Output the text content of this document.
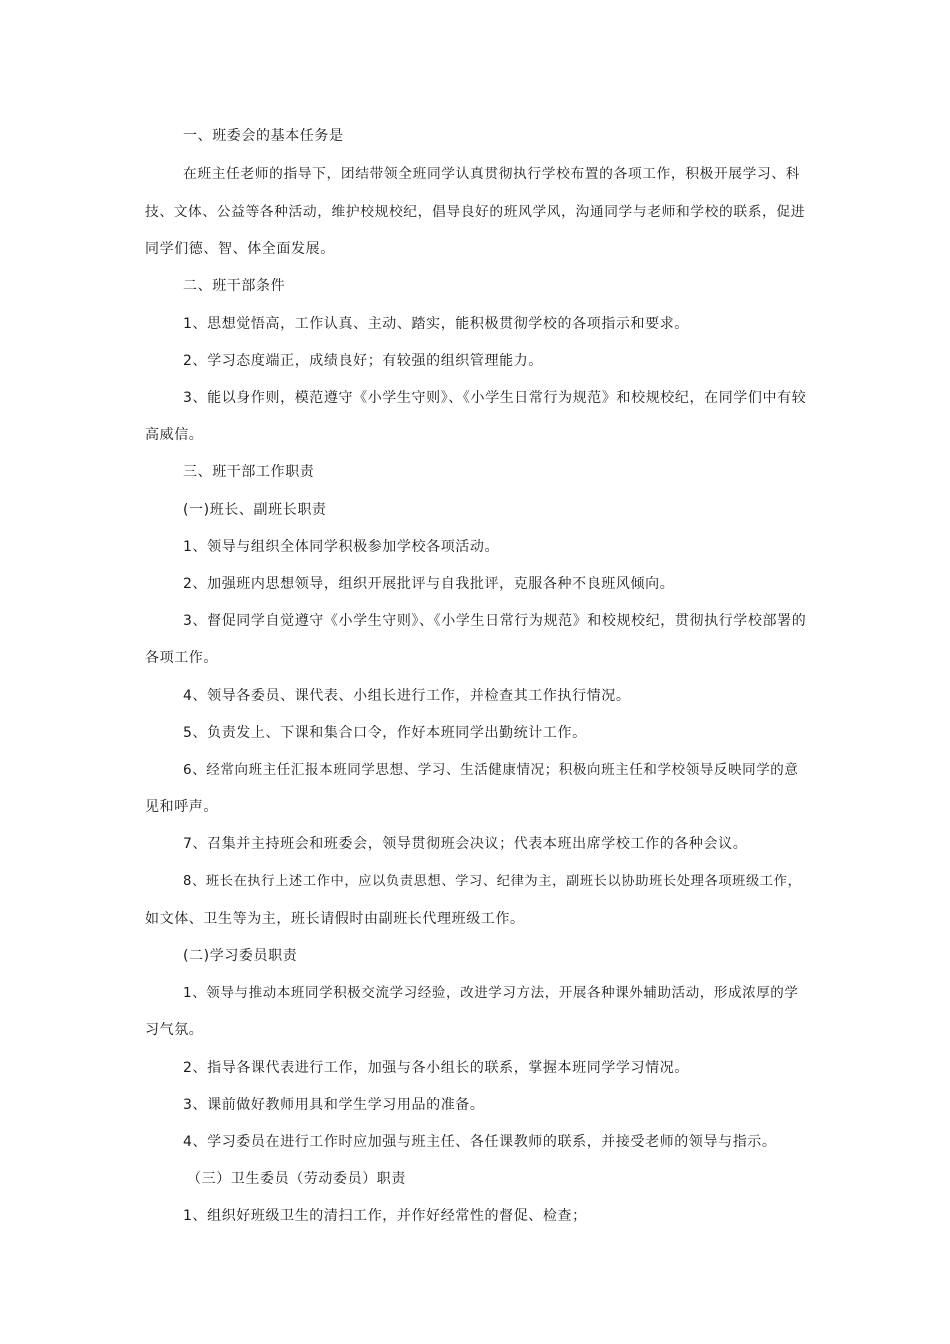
一、班委会的基本任务是

在班主任老师的指导下，团结带领全班同学认真贯彻执行学校布置的各项工作，积极开展学习、科

技、文体、公益等各种活动，维护校规校纪，倡导良好的班风学风，沟通同学与老师和学校的联系，促进

同学们德、智、体全面发展。

二、班干部条件

1、思想觉悟高，工作认真、主动、踏实，能积极贯彻学校的各项指示和要求。

2、学习态度端正，成绩良好；有较强的组织管理能力。

3、能以身作则，模范遵守《小学生守则》、《小学生日常行为规范》和校规校纪，在同学们中有较

高威信。

三、班干部工作职责

(一)班长、副班长职责

1、领导与组织全体同学积极参加学校各项活动。

2、加强班内思想领导，组织开展批评与自我批评，克服各种不良班风倾向。

3、督促同学自觉遵守《小学生守则》、《小学生日常行为规范》和校规校纪，贯彻执行学校部署的

各项工作。

4、领导各委员、课代表、小组长进行工作，并检查其工作执行情况。

5、负责发上、下课和集合口令，作好本班同学出勤统计工作。

6、经常向班主任汇报本班同学思想、学习、生活健康情况；积极向班主任和学校领导反映同学的意

见和呼声。

7、召集并主持班会和班委会，领导贯彻班会决议；代表本班出席学校工作的各种会议。

8、班长在执行上述工作中，应以负责思想、学习、纪律为主，副班长以协助班长处理各项班级工作，

如文体、卫生等为主，班长请假时由副班长代理班级工作。

(二)学习委员职责

1、领导与推动本班同学积极交流学习经验，改进学习方法，开展各种课外辅助活动，形成浓厚的学

习气氛。

2、指导各课代表进行工作，加强与各小组长的联系，掌握本班同学学习情况。

3、课前做好教师用具和学生学习用品的准备。

4、学习委员在进行工作时应加强与班主任、各任课教师的联系，并接受老师的领导与指示。

（三）卫生委员（劳动委员）职责

1、组织好班级卫生的清扫工作，并作好经常性的督促、检查；
